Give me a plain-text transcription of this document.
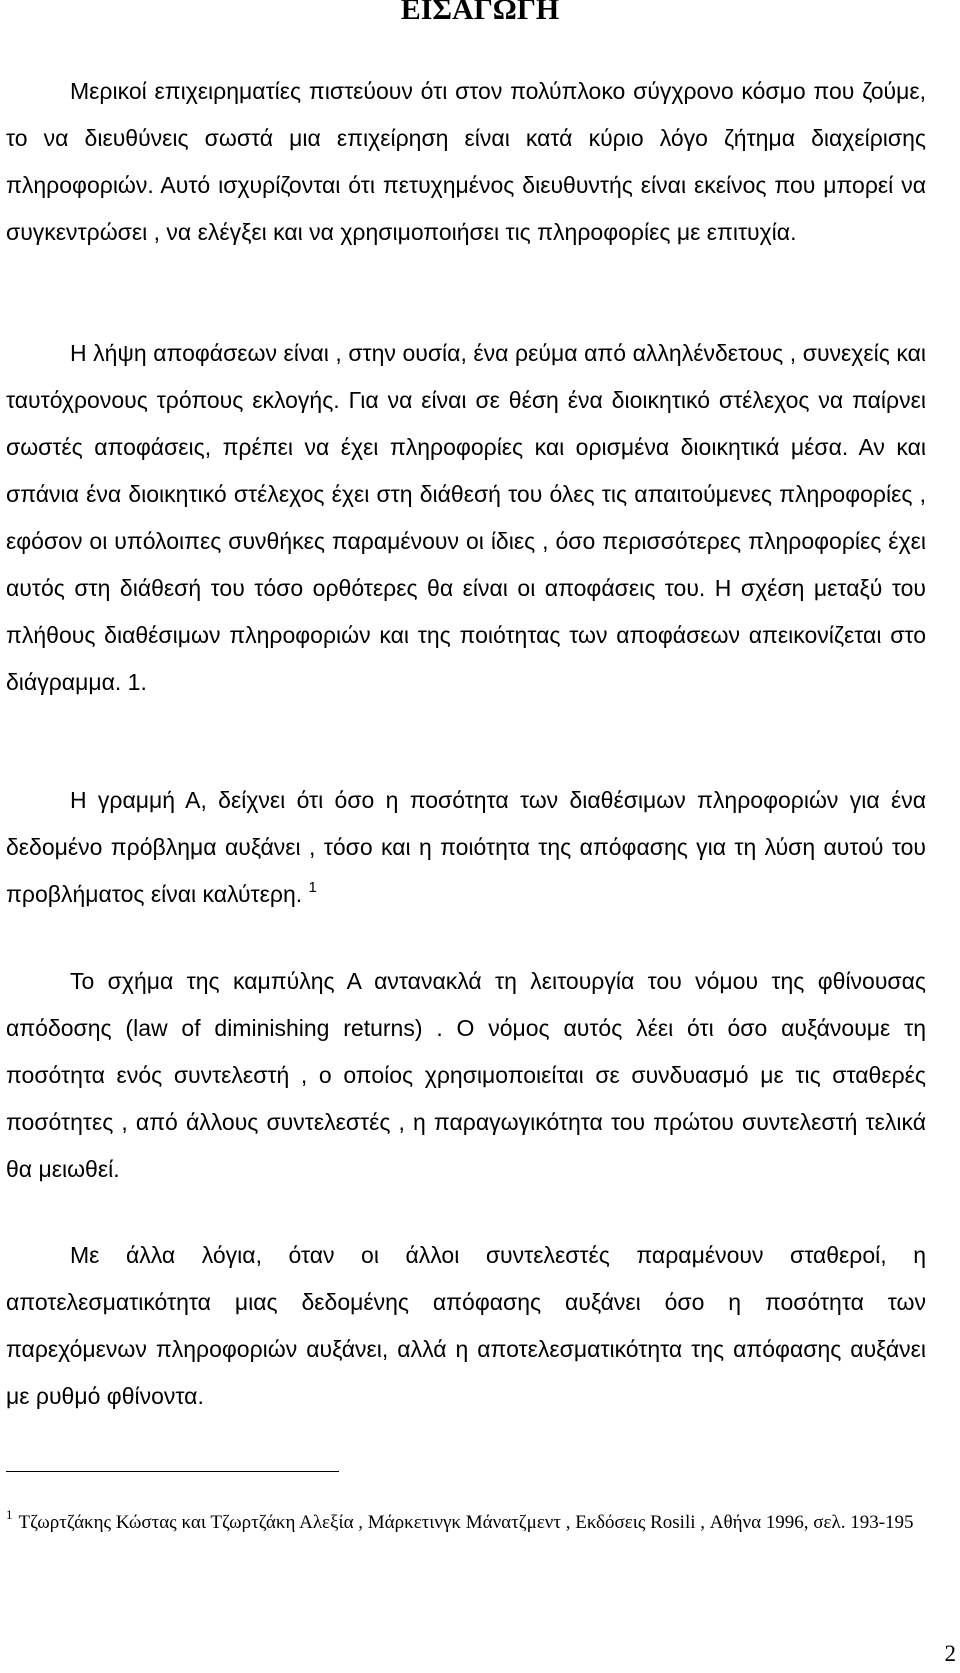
ΕΙΣΑΓΩΓΗ

Μερικοί επιχειρηματίες πιστεύουν ότι στον πολύπλοκο σύγχρονο κόσμο που ζούμε, το να διευθύνεις σωστά μια επιχείρηση είναι κατά κύριο λόγο ζήτημα διαχείρισης πληροφοριών. Αυτό ισχυρίζονται ότι πετυχημένος διευθυντής είναι εκείνος που μπορεί να συγκεντρώσει , να ελέγξει και να χρησιμοποιήσει τις πληροφορίες με επιτυχία.

Η λήψη αποφάσεων είναι , στην ουσία, ένα ρεύμα από αλληλένδετους , συνεχείς και ταυτόχρονους τρόπους εκλογής. Για να είναι σε θέση ένα διοικητικό στέλεχος να παίρνει σωστές αποφάσεις, πρέπει να έχει πληροφορίες και ορισμένα διοικητικά μέσα. Αν και σπάνια ένα διοικητικό στέλεχος έχει στη διάθεσή του όλες τις απαιτούμενες πληροφορίες , εφόσον οι υπόλοιπες συνθήκες παραμένουν οι ίδιες , όσο περισσότερες πληροφορίες έχει αυτός στη διάθεσή του τόσο ορθότερες θα είναι οι αποφάσεις του. Η σχέση μεταξύ του πλήθους διαθέσιμων πληροφοριών και της ποιότητας των αποφάσεων απεικονίζεται στο διάγραμμα. 1.

Η γραμμή Α, δείχνει ότι όσο η ποσότητα των διαθέσιμων πληροφοριών για ένα δεδομένο πρόβλημα αυξάνει , τόσο και η ποιότητα της απόφασης για τη λύση αυτού του προβλήματος είναι καλύτερη. $^1$

Το σχήμα της καμπύλης Α αντανακλά τη λειτουργία του νόμου της φθίνουσας απόδοσης (law of diminishing returns) . Ο νόμος αυτός λέει ότι όσο αυξάνουμε τη ποσότητα ενός συντελεστή , ο οποίος χρησιμοποιείται σε συνδυασμό με τις σταθερές ποσότητες , από άλλους συντελεστές , η παραγωγικότητα του πρώτου συντελεστή τελικά θα μειωθεί.

Με άλλα λόγια, όταν οι άλλοι συντελεστές παραμένουν σταθεροί, η αποτελεσματικότητα μιας δεδομένης απόφασης αυξάνει όσο η ποσότητα των παρεχόμενων πληροφοριών αυξάνει, αλλά η αποτελεσματικότητα της απόφασης αυξάνει με ρυθμό φθίνοντα.

$^1$ Τζωρτζάκης Κώστας και Τζωρτζάκη Αλεξία , Μάρκετινγκ Μάνατζμεντ , Εκδόσεις Rosili , Αθήνα 1996, σελ. 193-195

2
